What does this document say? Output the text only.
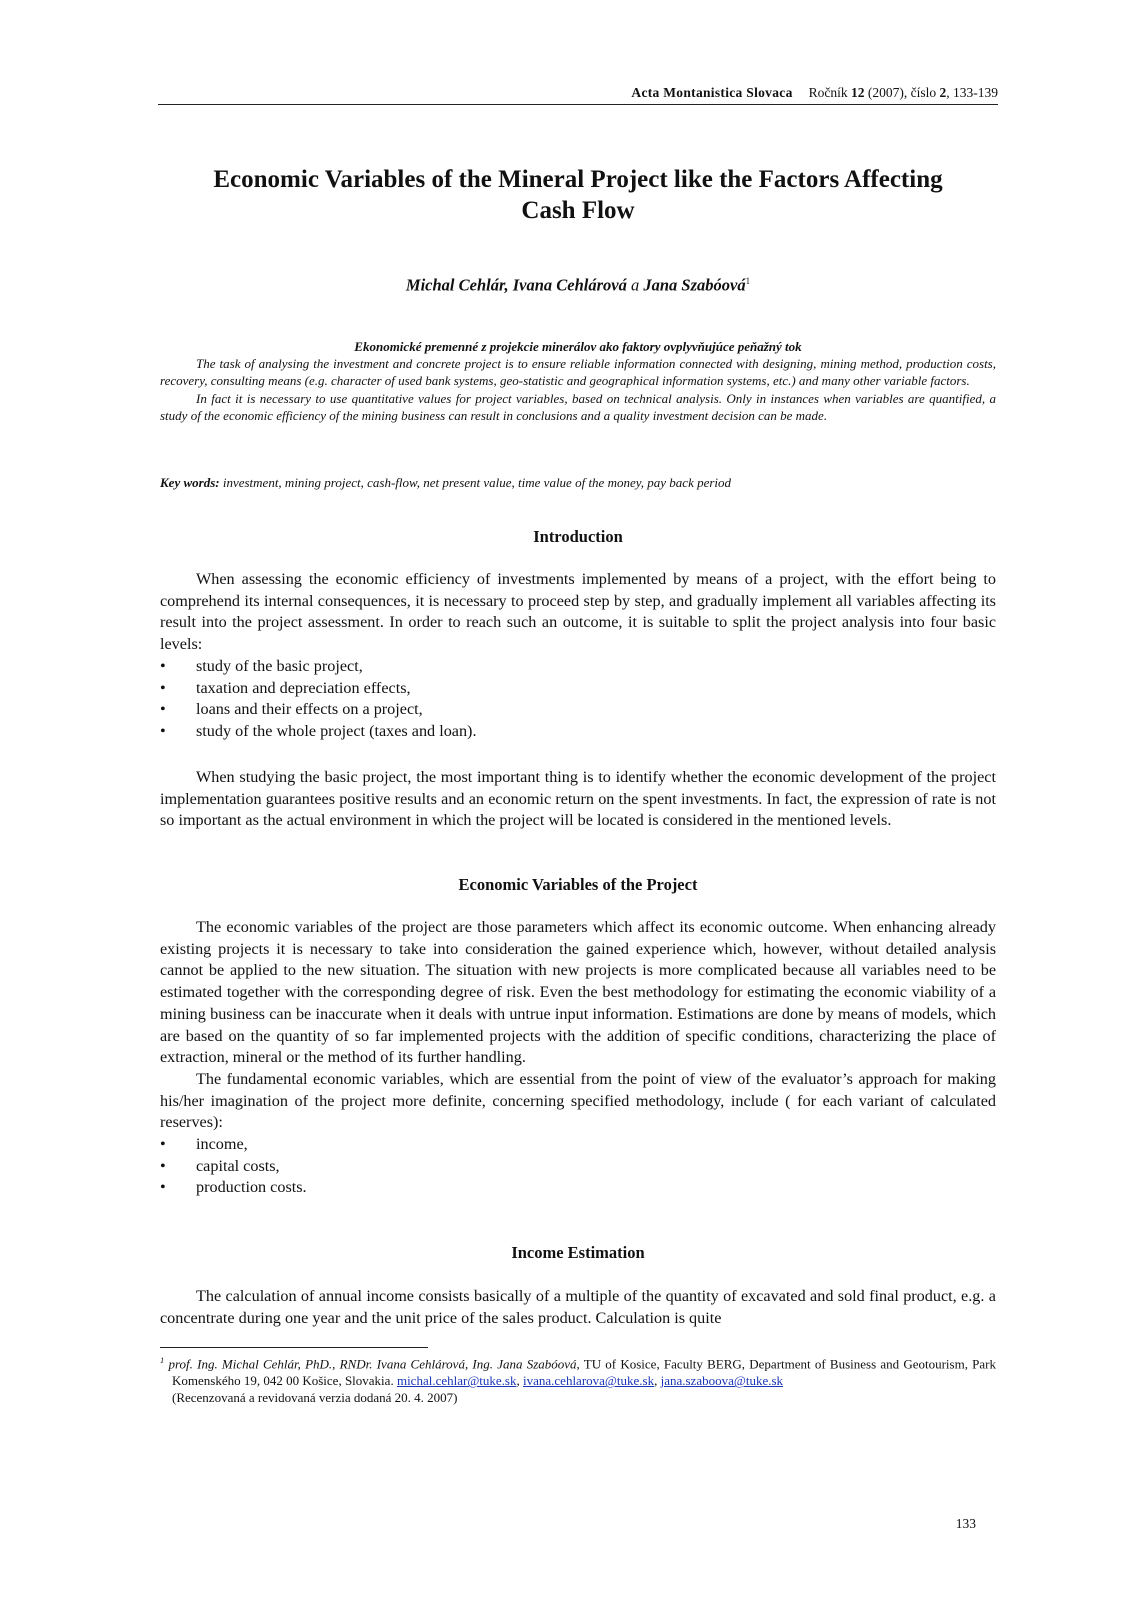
Acta Montanistica Slovaca Ročník 12 (2007), číslo 2, 133-139
Economic Variables of the Mineral Project like the Factors Affecting
Cash Flow
Michal Cehlár, Ivana Cehlárová a Jana Szabóová$^1$
Ekonomické premenné z projekcie minerálov ako faktory ovplyvňujúce peňažný tok

The task of analysing the investment and concrete project is to ensure reliable information connected with designing, mining method, production costs, recovery, consulting means (e.g. character of used bank systems, geo-statistic and geographical information systems, etc.) and many other variable factors.

In fact it is necessary to use quantitative values for project variables, based on technical analysis. Only in instances when variables are quantified, a study of the economic efficiency of the mining business can result in conclusions and a quality investment decision can be made.

Key words: investment, mining project, cash-flow, net present value, time value of the money, pay back period
Introduction

When assessing the economic efficiency of investments implemented by means of a project, with the effort being to comprehend its internal consequences, it is necessary to proceed step by step, and gradually implement all variables affecting its result into the project assessment. In order to reach such an outcome, it is suitable to split the project analysis into four basic levels:

• study of the basic project,
• taxation and depreciation effects,
• loans and their effects on a project,
• study of the whole project (taxes and loan).

When studying the basic project, the most important thing is to identify whether the economic development of the project implementation guarantees positive results and an economic return on the spent investments. In fact, the expression of rate is not so important as the actual environment in which the project will be located is considered in the mentioned levels.

Economic Variables of the Project

The economic variables of the project are those parameters which affect its economic outcome. When enhancing already existing projects it is necessary to take into consideration the gained experience which, however, without detailed analysis cannot be applied to the new situation. The situation with new projects is more complicated because all variables need to be estimated together with the corresponding degree of risk. Even the best methodology for estimating the economic viability of a mining business can be inaccurate when it deals with untrue input information. Estimations are done by means of models, which are based on the quantity of so far implemented projects with the addition of specific conditions, characterizing the place of extraction, mineral or the method of its further handling.

The fundamental economic variables, which are essential from the point of view of the evaluator’s approach for making his/her imagination of the project more definite, concerning specified methodology, include ( for each variant of calculated reserves):

• income,
• capital costs,
• production costs.
Income Estimation

The calculation of annual income consists basically of a multiple of the quantity of excavated and sold final product, e.g. a concentrate during one year and the unit price of the sales product. Calculation is quite

$^1$ prof. Ing. Michal Cehlár, PhD., RNDr. Ivana Cehlárová, Ing. Jana Szabóová, TU of Kosice, Faculty BERG, Department of Business and Geotourism, Park Komenského 19, 042 00 Košice, Slovakia. michal.cehlar@tuke.sk, ivana.cehlarova@tuke.sk, jana.szaboova@tuke.sk
(Recenzovaná a revidovaná verzia dodaná 20. 4. 2007)
133
